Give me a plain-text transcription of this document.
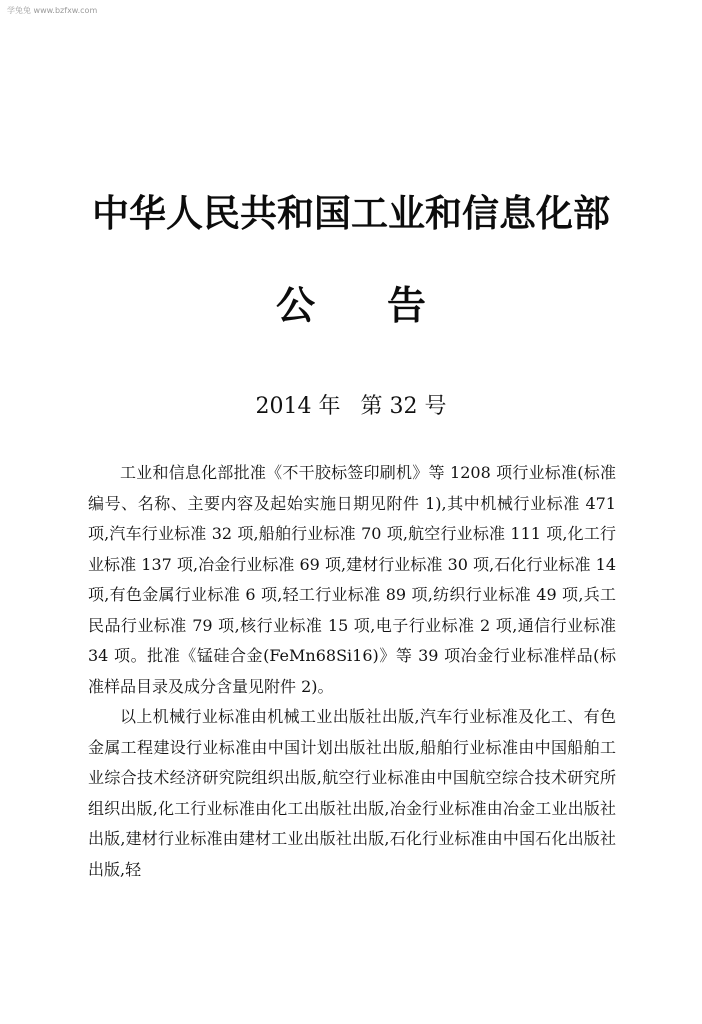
学兔兔 www.bzfxw.com
中华人民共和国工业和信息化部
公 告
2014 年 第 32 号

工业和信息化部批准《不干胶标签印刷机》等 1208 项行业标准(标准编号、名称、主要内容及起始实施日期见附件 1),其中机械行业标准 471 项,汽车行业标准 32 项,船舶行业标准 70 项,航空行业标准 111 项,化工行业标准 137 项,冶金行业标准 69 项,建材行业标准 30 项,石化行业标准 14 项,有色金属行业标准 6 项,轻工行业标准 89 项,纺织行业标准 49 项,兵工民品行业标准 79 项,核行业标准 15 项,电子行业标准 2 项,通信行业标准 34 项。批准《锰硅合金(FeMn68Si16)》等 39 项冶金行业标准样品(标准样品目录及成分含量见附件 2)。

以上机械行业标准由机械工业出版社出版,汽车行业标准及化工、有色金属工程建设行业标准由中国计划出版社出版,船舶行业标准由中国船舶工业综合技术经济研究院组织出版,航空行业标准由中国航空综合技术研究所组织出版,化工行业标准由化工出版社出版,冶金行业标准由冶金工业出版社出版,建材行业标准由建材工业出版社出版,石化行业标准由中国石化出版社出版,轻
